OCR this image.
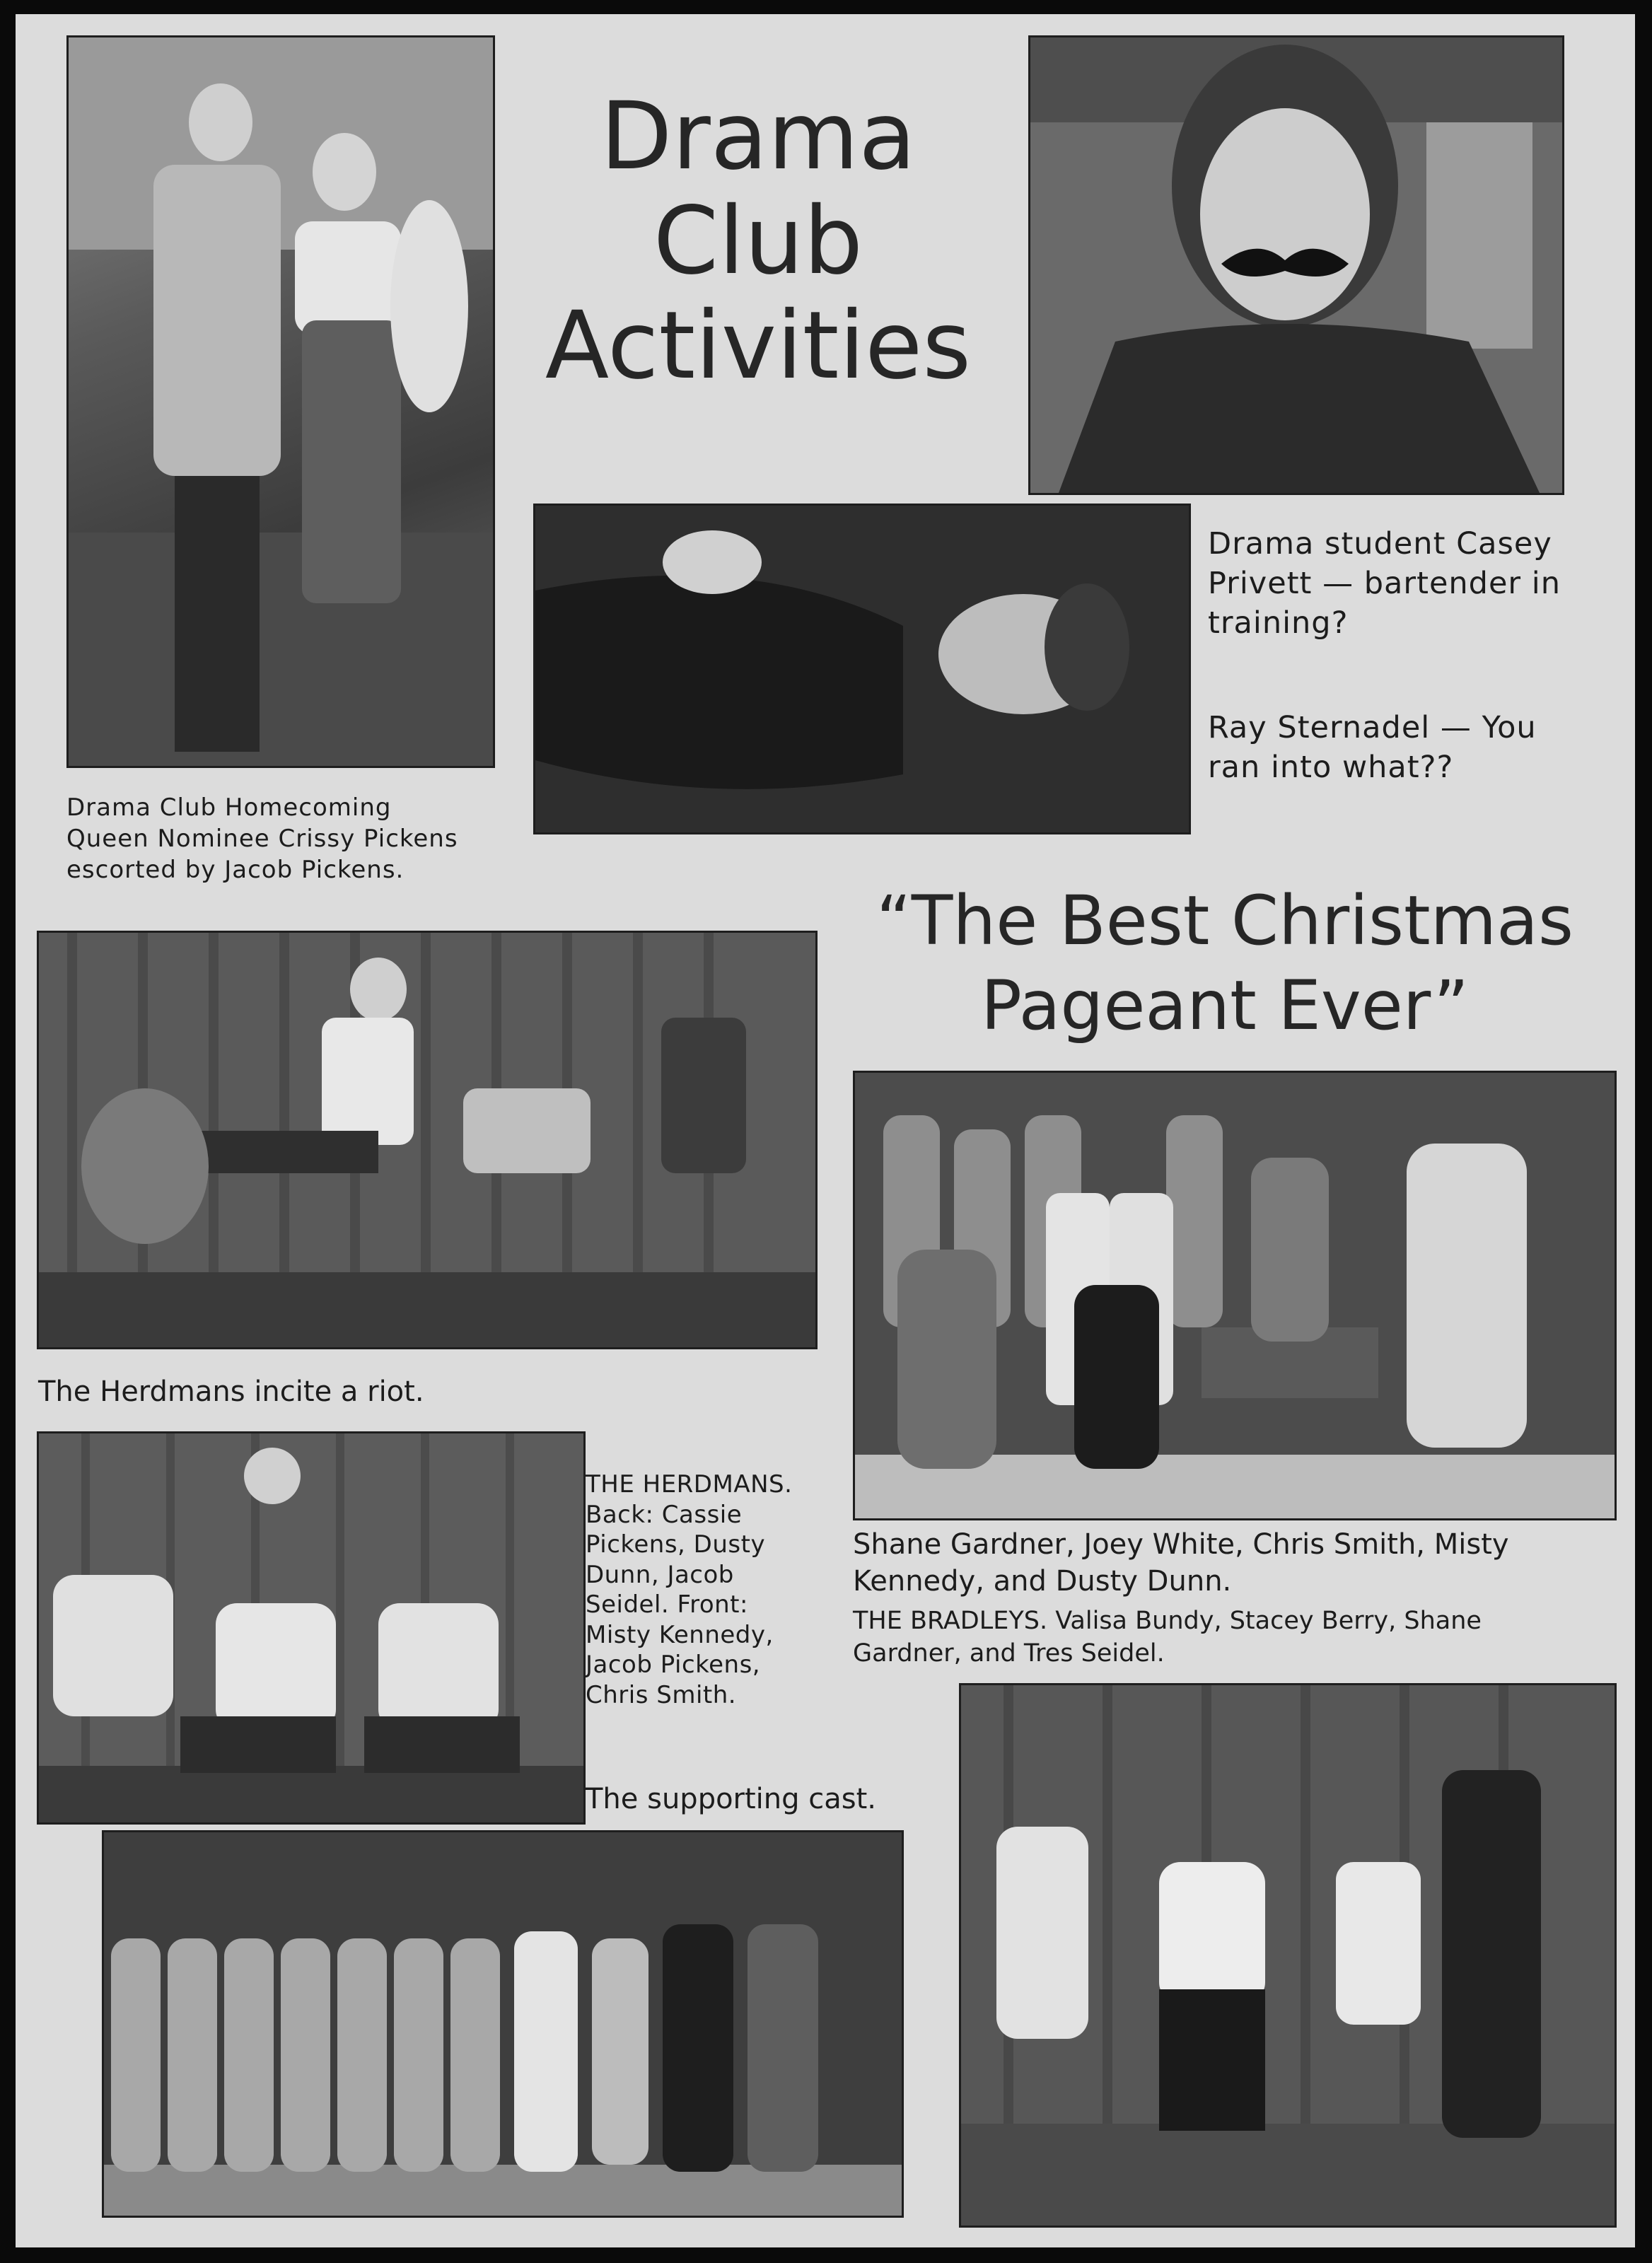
Drama
Club
Activities
Drama Club Homecoming
Queen Nominee Crissy Pickens
escorted by Jacob Pickens.
Drama student Casey
Privett — bartender in
training?
Ray Sternadel — You
ran into what??
“The Best Christmas
Pageant Ever”
The Herdmans incite a riot.
THE HERDMANS.
Back: Cassie
Pickens, Dusty
Dunn, Jacob
Seidel. Front:
Misty Kennedy,
Jacob Pickens,
Chris Smith.
Shane Gardner, Joey White, Chris Smith, Misty
Kennedy, and Dusty Dunn.
THE BRADLEYS. Valisa Bundy, Stacey Berry, Shane
Gardner, and Tres Seidel.
The supporting cast.
